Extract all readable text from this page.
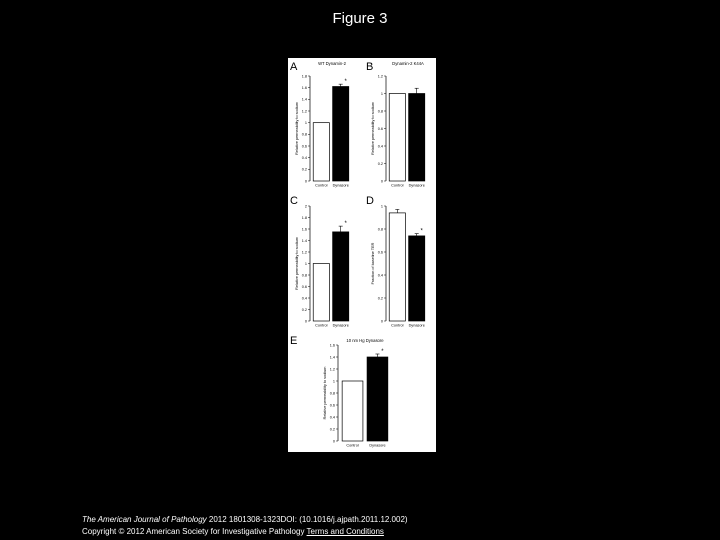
Figure 3
A	WT Dynamin-2
0
0.2
0.4
0.6
0.8
1
1.2
1.4
1.6
1.8
Relative permeability to sodium
Control
*
Dynasore
B	Dynamin-2 K44A
0
0.2
0.4
0.6
0.8
1
1.2
Relative permeability to sodium
Control Dynasore
C
0
0.2
0.4
0.6
0.8
1
1.2
1.4
1.6
1.8
2
Relative permeability to sodium
Control
*
Dynasore
D
0
0.2
0.4
0.6
0.8
1
Fraction of baseline TER
Control
*
Dynasore
E	10 nm Hg Dynasore
0
0.2
0.4
0.6
0.8
1
1.2
1.4
1.6
Relative permeability to sodium
Control
*
Dynasore
The American Journal of Pathology 2012 1801308-1323DOI: (10.1016/j.ajpath.2011.12.002)
Copyright © 2012 American Society for Investigative Pathology Terms and Conditions
